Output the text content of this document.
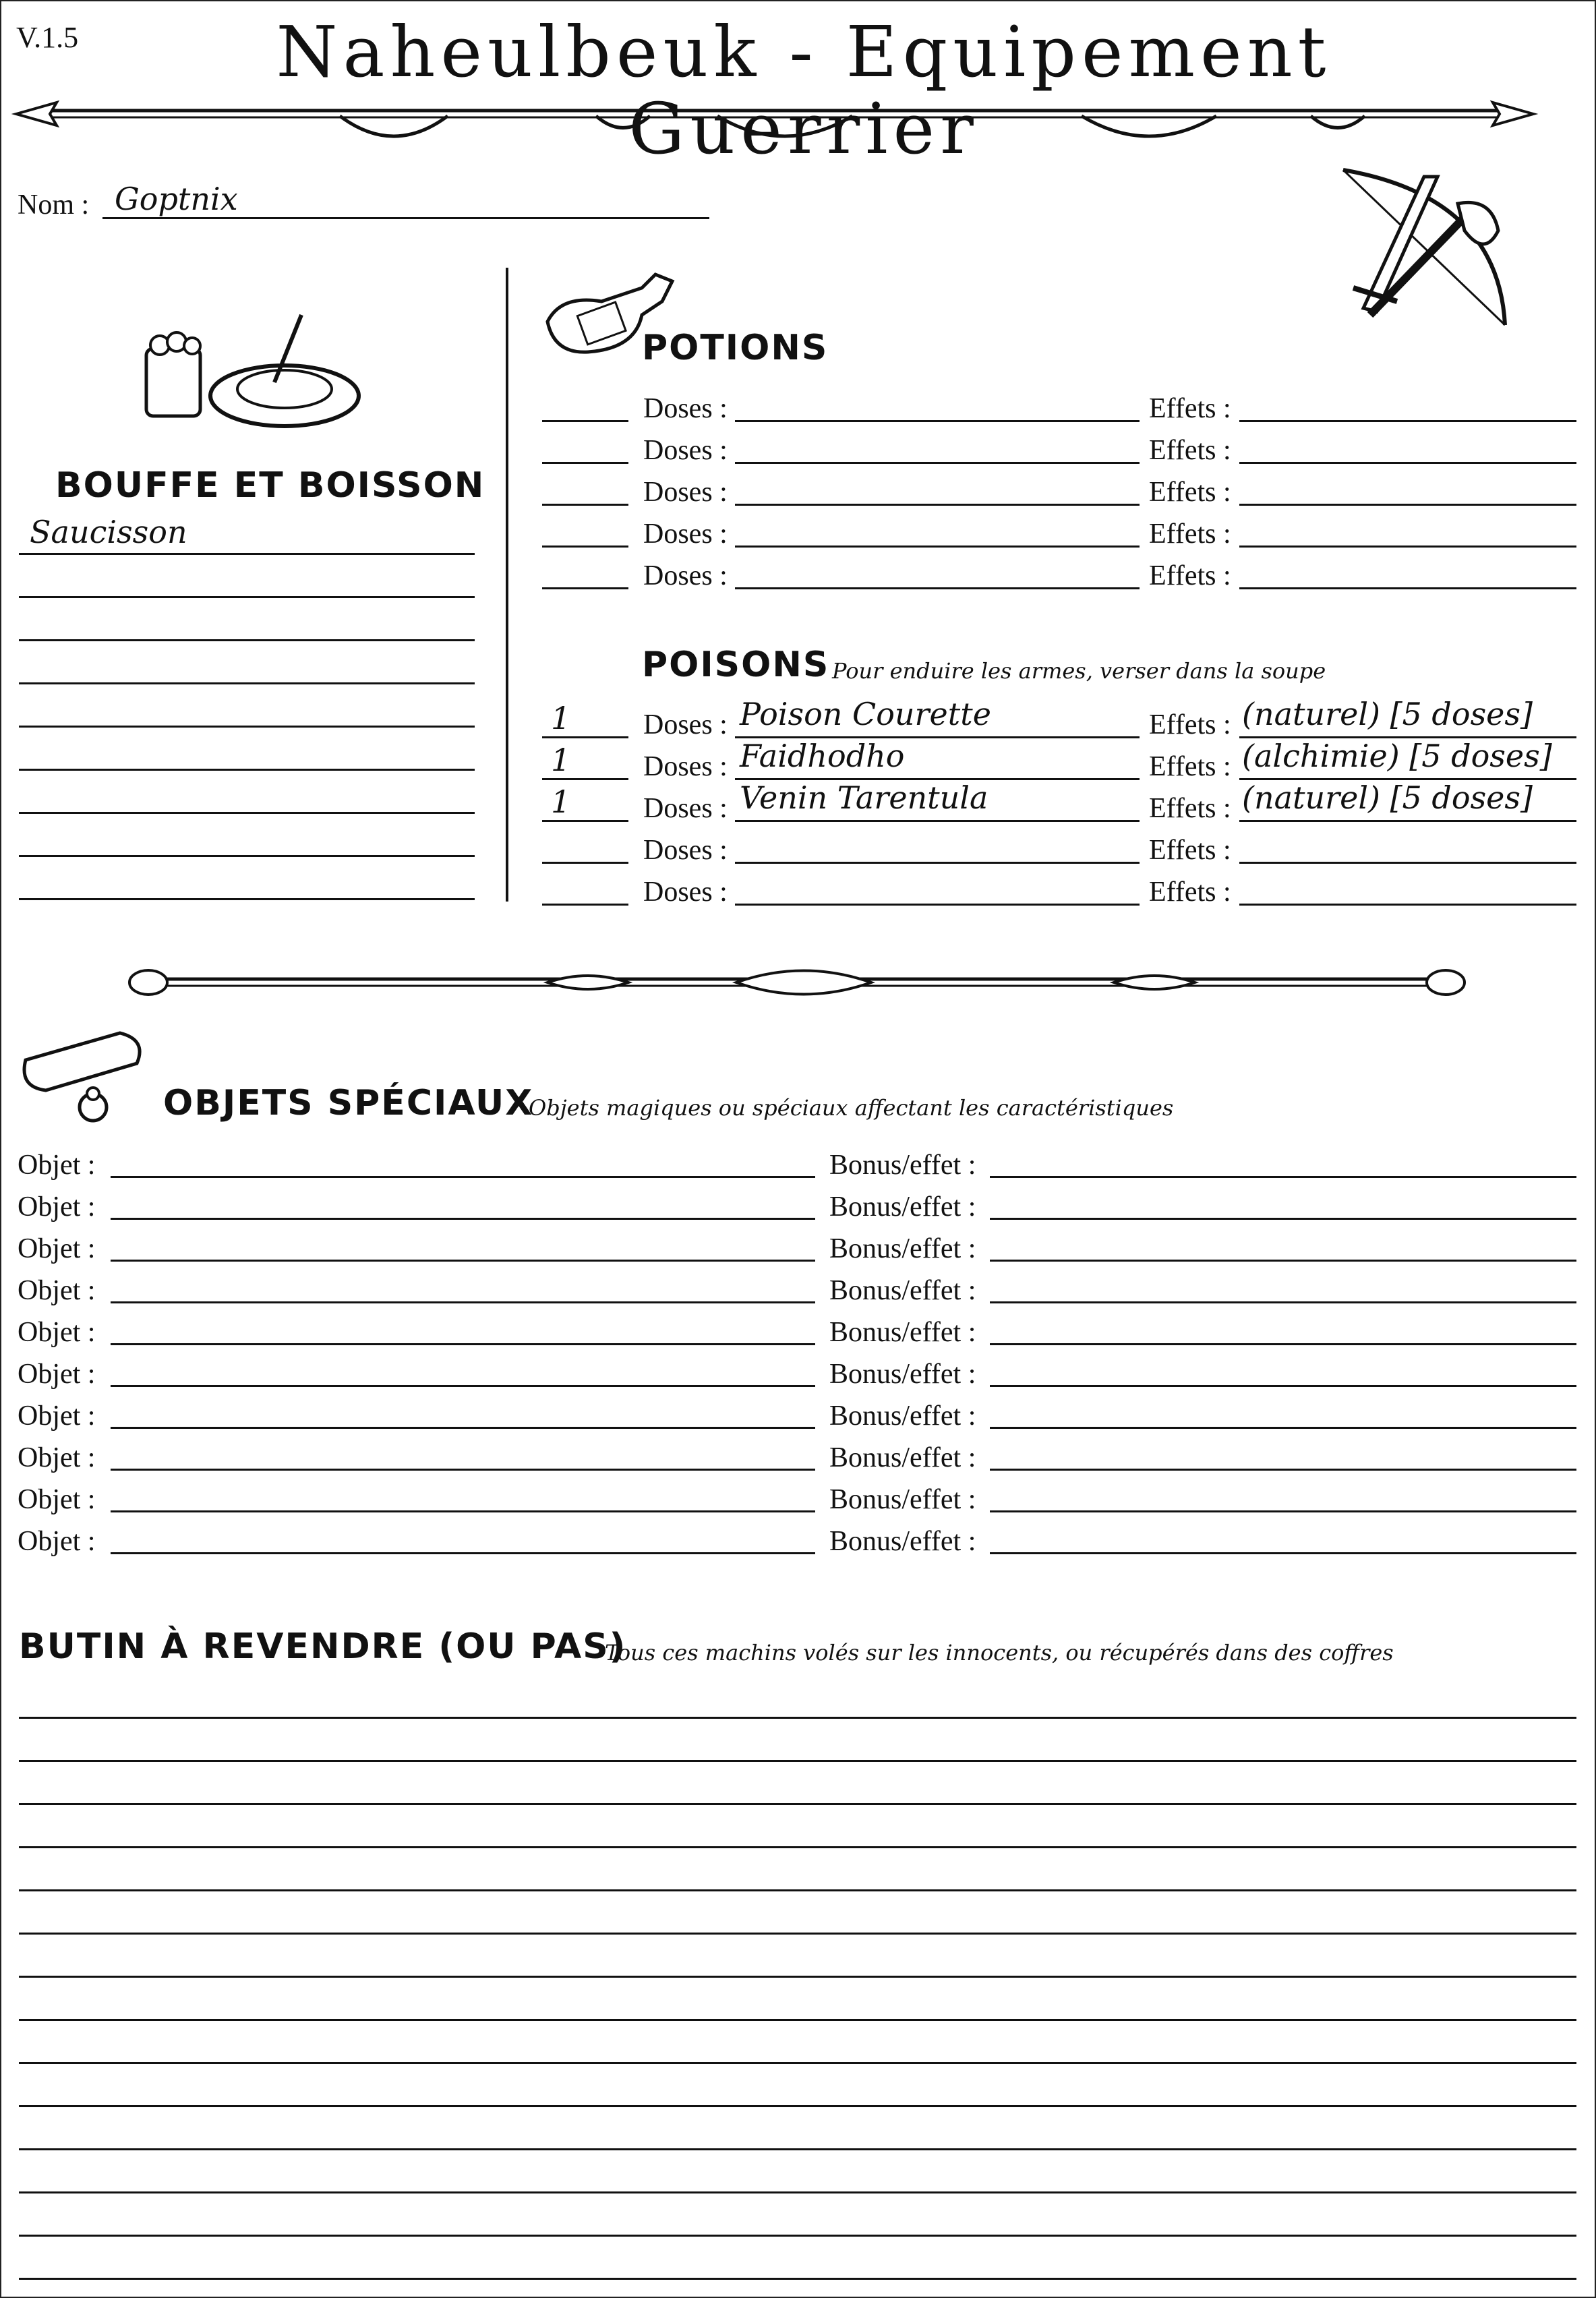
V.1.5	Naheulbeuk - Equipement Guerrier
Nom : Goptnix
BOUFFE ET BOISSON
Saucisson
POTIONS
Doses :	Effets :
Doses :	Effets :
Doses :	Effets :
Doses :	Effets :
Doses :	Effets :
POISONS Pour enduire les armes, verser dans la soupe
1	Doses : Poison Courette	Effets : (naturel) [5 doses]
1	Doses : Faidhodho	Effets : (alchimie) [5 doses]
1	Doses : Venin Tarentula	Effets : (naturel) [5 doses]
Doses :	Effets :
Doses :	Effets :
OBJETS SPÉCIAUX
Objets magiques ou spéciaux affectant les caractéristiques
Objet :	Bonus/effet :
Objet :	Bonus/effet :
Objet :	Bonus/effet :
Objet :	Bonus/effet :
Objet :	Bonus/effet :
Objet :	Bonus/effet :
Objet :	Bonus/effet :
Objet :	Bonus/effet :
Objet :	Bonus/effet :
Objet :	Bonus/effet :
BUTIN À REVENDRE (OU PAS)
Tous ces machins volés sur les innocents, ou récupérés dans des coffres
